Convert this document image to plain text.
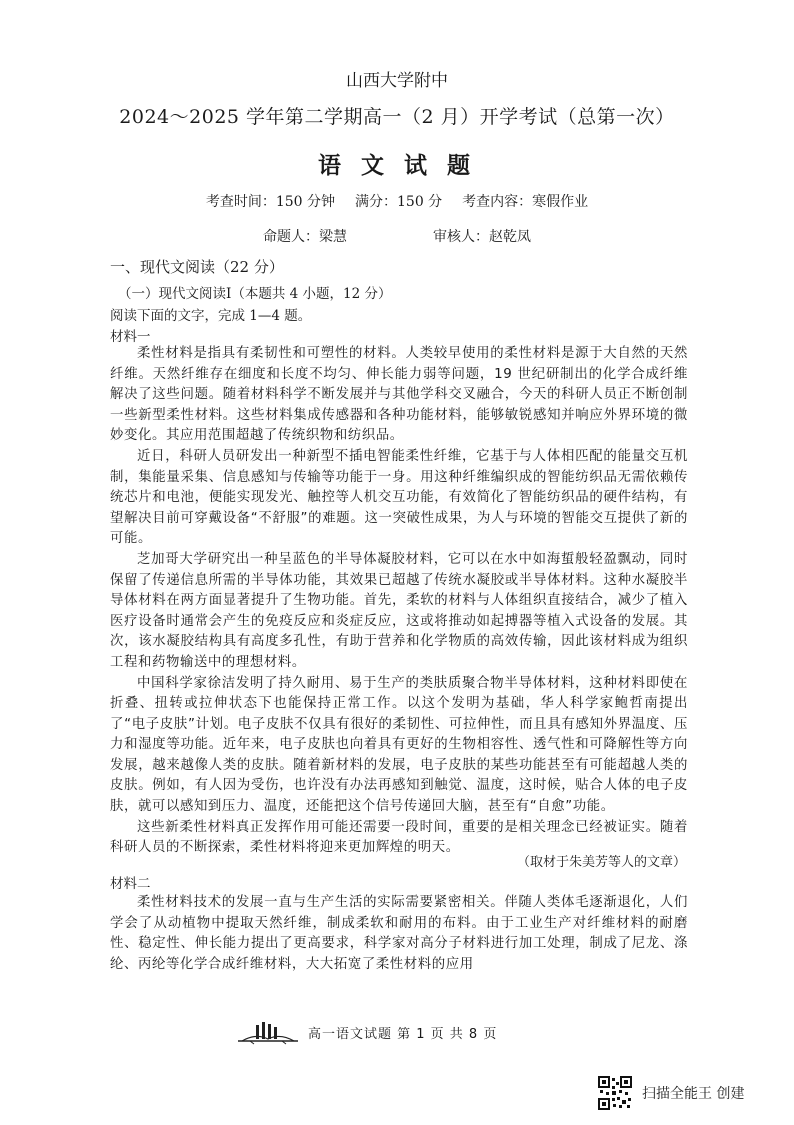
山西大学附中
2024～2025 学年第二学期高一（2 月）开学考试（总第一次）
语 文 试 题
考查时间：150 分钟 满分：150 分 考查内容：寒假作业
命题人：梁慧	审核人：赵乾凤
一、现代文阅读（22 分）
（一）现代文阅读Ⅰ（本题共 4 小题，12 分）
阅读下面的文字，完成 1—4 题。
材料一

柔性材料是指具有柔韧性和可塑性的材料。人类较早使用的柔性材料是源于大自然的天然纤维。天然纤维存在细度和长度不均匀、伸长能力弱等问题，19 世纪研制出的化学合成纤维解决了这些问题。随着材料科学不断发展并与其他学科交叉融合，今天的科研人员正不断创制一些新型柔性材料。这些材料集成传感器和各种功能材料，能够敏锐感知并响应外界环境的微妙变化。其应用范围超越了传统织物和纺织品。

近日，科研人员研发出一种新型不插电智能柔性纤维，它基于与人体相匹配的能量交互机制，集能量采集、信息感知与传输等功能于一身。用这种纤维编织成的智能纺织品无需依赖传统芯片和电池，便能实现发光、触控等人机交互功能，有效简化了智能纺织品的硬件结构，有望解决目前可穿戴设备“不舒服”的难题。这一突破性成果，为人与环境的智能交互提供了新的可能。

芝加哥大学研究出一种呈蓝色的半导体凝胶材料，它可以在水中如海蜇般轻盈飘动，同时保留了传递信息所需的半导体功能，其效果已超越了传统水凝胶或半导体材料。这种水凝胶半导体材料在两方面显著提升了生物功能。首先，柔软的材料与人体组织直接结合，减少了植入医疗设备时通常会产生的免疫反应和炎症反应，这或将推动如起搏器等植入式设备的发展。其次，该水凝胶结构具有高度多孔性，有助于营养和化学物质的高效传输，因此该材料成为组织工程和药物输送中的理想材料。

中国科学家徐洁发明了持久耐用、易于生产的类肤质聚合物半导体材料，这种材料即使在折叠、扭转或拉伸状态下也能保持正常工作。以这个发明为基础，华人科学家鲍哲南提出了“电子皮肤”计划。电子皮肤不仅具有很好的柔韧性、可拉伸性，而且具有感知外界温度、压力和湿度等功能。近年来，电子皮肤也向着具有更好的生物相容性、透气性和可降解性等方向发展，越来越像人类的皮肤。随着新材料的发展，电子皮肤的某些功能甚至有可能超越人类的皮肤。例如，有人因为受伤，也许没有办法再感知到触觉、温度，这时候，贴合人体的电子皮肤，就可以感知到压力、温度，还能把这个信号传递回大脑，甚至有“自愈”功能。

这些新柔性材料真正发挥作用可能还需要一段时间，重要的是相关理念已经被证实。随着科研人员的不断探索，柔性材料将迎来更加辉煌的明天。

（取材于朱美芳等人的文章）
材料二

柔性材料技术的发展一直与生产生活的实际需要紧密相关。伴随人类体毛逐渐退化，人们学会了从动植物中提取天然纤维，制成柔软和耐用的布料。由于工业生产对纤维材料的耐磨性、稳定性、伸长能力提出了更高要求，科学家对高分子材料进行加工处理，制成了尼龙、涤纶、丙纶等化学合成纤维材料，大大拓宽了柔性材料的应用

高一语文试题 第 1 页 共 8 页
扫描全能王 创建
